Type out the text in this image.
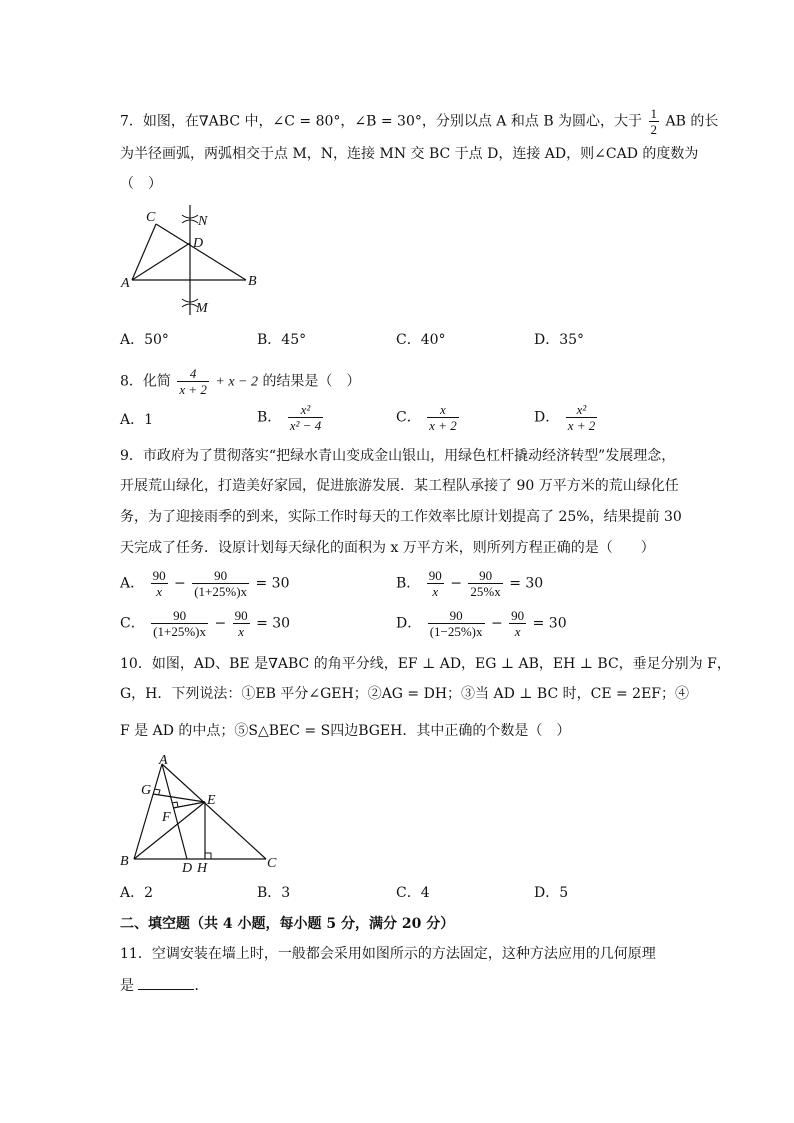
7．如图，在∇ABC 中，∠C = 80°，∠B = 30°，分别以点 A 和点 B 为圆心，大于 $\frac{1}{2}$ AB 的长
为半径画弧，两弧相交于点 M，N，连接 MN 交 BC 于点 D，连接 AD，则∠CAD 的度数为
（　）
C	N
D
A	B
M
A．50°	B．45°	C．40°	D．35°
8．化简 $\frac{4}{x + 2} + x - 2$ 的结果是（　）
A．1	B． $\frac{\text{x²}}{\text{x² − 4}}$	C． $\frac{x}{x + 2}$	D． $\frac{\text{x²}}{x + 2}$
9．市政府为了贯彻落实“把绿水青山变成金山银山，用绿色杠杆撬动经济转型”发展理念，
开展荒山绿化，打造美好家园，促进旅游发展．某工程队承接了 90 万平方米的荒山绿化任
务，为了迎接雨季的到来，实际工作时每天的工作效率比原计划提高了 25%，结果提前 30
天完成了任务．设原计划每天绿化的面积为 x 万平方米，则所列方程正确的是（　　）
A． $\frac{90}{x} - \frac{90}{(1+25\%)x} = 30$	B． $\frac{90}{x} - \frac{90}{25\%x} = 30$
C． $\frac{90}{(1+25\%)x} - \frac{90}{x} = 30$	D． $\frac{90}{(1-25\%)x} - \frac{90}{x} = 30$
10．如图，AD、BE 是∇ABC 的角平分线，EF ⊥ AD，EG ⊥ AB，EH ⊥ BC，垂足分别为 F，
G，H．下列说法：①EB 平分∠GEH；②AG = DH；③当 AD ⊥ BC 时，CE = 2EF；④
F 是 AD 的中点；⑤S△BEC = S四边BGEH．其中正确的个数是（　）
A
G
E
F
B	D H	C
A．2	B．3	C．4	D．5
二、填空题（共 4 小题，每小题 5 分，满分 20 分）
11．空调安装在墙上时，一般都会采用如图所示的方法固定，这种方法应用的几何原理
是	．
